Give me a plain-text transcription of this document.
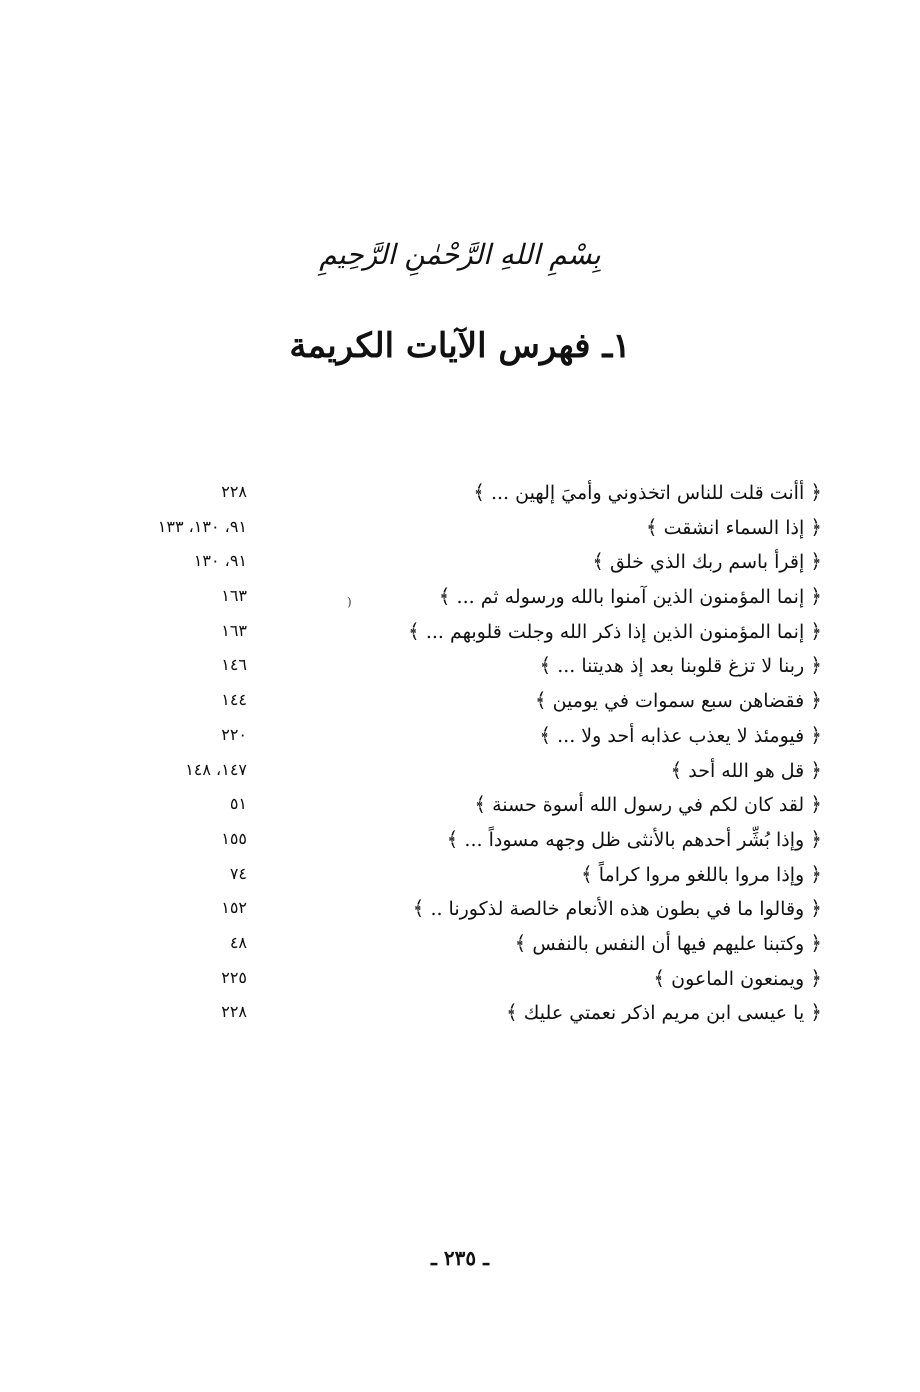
بِسْمِ اللهِ الرَّحْمٰنِ الرَّحِيمِ
١ـ فهرس الآيات الكريمة
﴿ أأنت قلت للناس اتخذوني وأميَ إلهين ... ﴾
٢٢٨
﴿ إذا السماء انشقت ﴾
٩١، ١٣٠، ١٣٣
﴿ إقرأ باسم ربك الذي خلق ﴾
٩١، ١٣٠
﴿ إنما المؤمنون الذين آمنوا بالله ورسوله ثم ... ﴾
١٦٣
﴿ إنما المؤمنون الذين إذا ذكر الله وجلت قلوبهم ... ﴾
١٦٣
﴿ ربنا لا تزغ قلوبنا بعد إذ هديتنا ... ﴾
١٤٦
﴿ فقضاهن سبع سموات في يومين ﴾
١٤٤
﴿ فيومئذ لا يعذب عذابه أحد ولا ... ﴾
٢٢٠
﴿ قل هو الله أحد ﴾
١٤٧، ١٤٨
﴿ لقد كان لكم في رسول الله أسوة حسنة ﴾
٥١
﴿ وإذا بُشِّر أحدهم بالأنثى ظل وجهه مسوداً ... ﴾
١٥٥
﴿ وإذا مروا باللغو مروا كراماً ﴾
٧٤
﴿ وقالوا ما في بطون هذه الأنعام خالصة لذكورنا .. ﴾
١٥٢
﴿ وكتبنا عليهم فيها أن النفس بالنفس ﴾
٤٨
﴿ ويمنعون الماعون ﴾
٢٢٥
﴿ يا عيسى ابن مريم اذكر نعمتي عليك ﴾
٢٢٨
)
ـ ٢٣٥ ـ
